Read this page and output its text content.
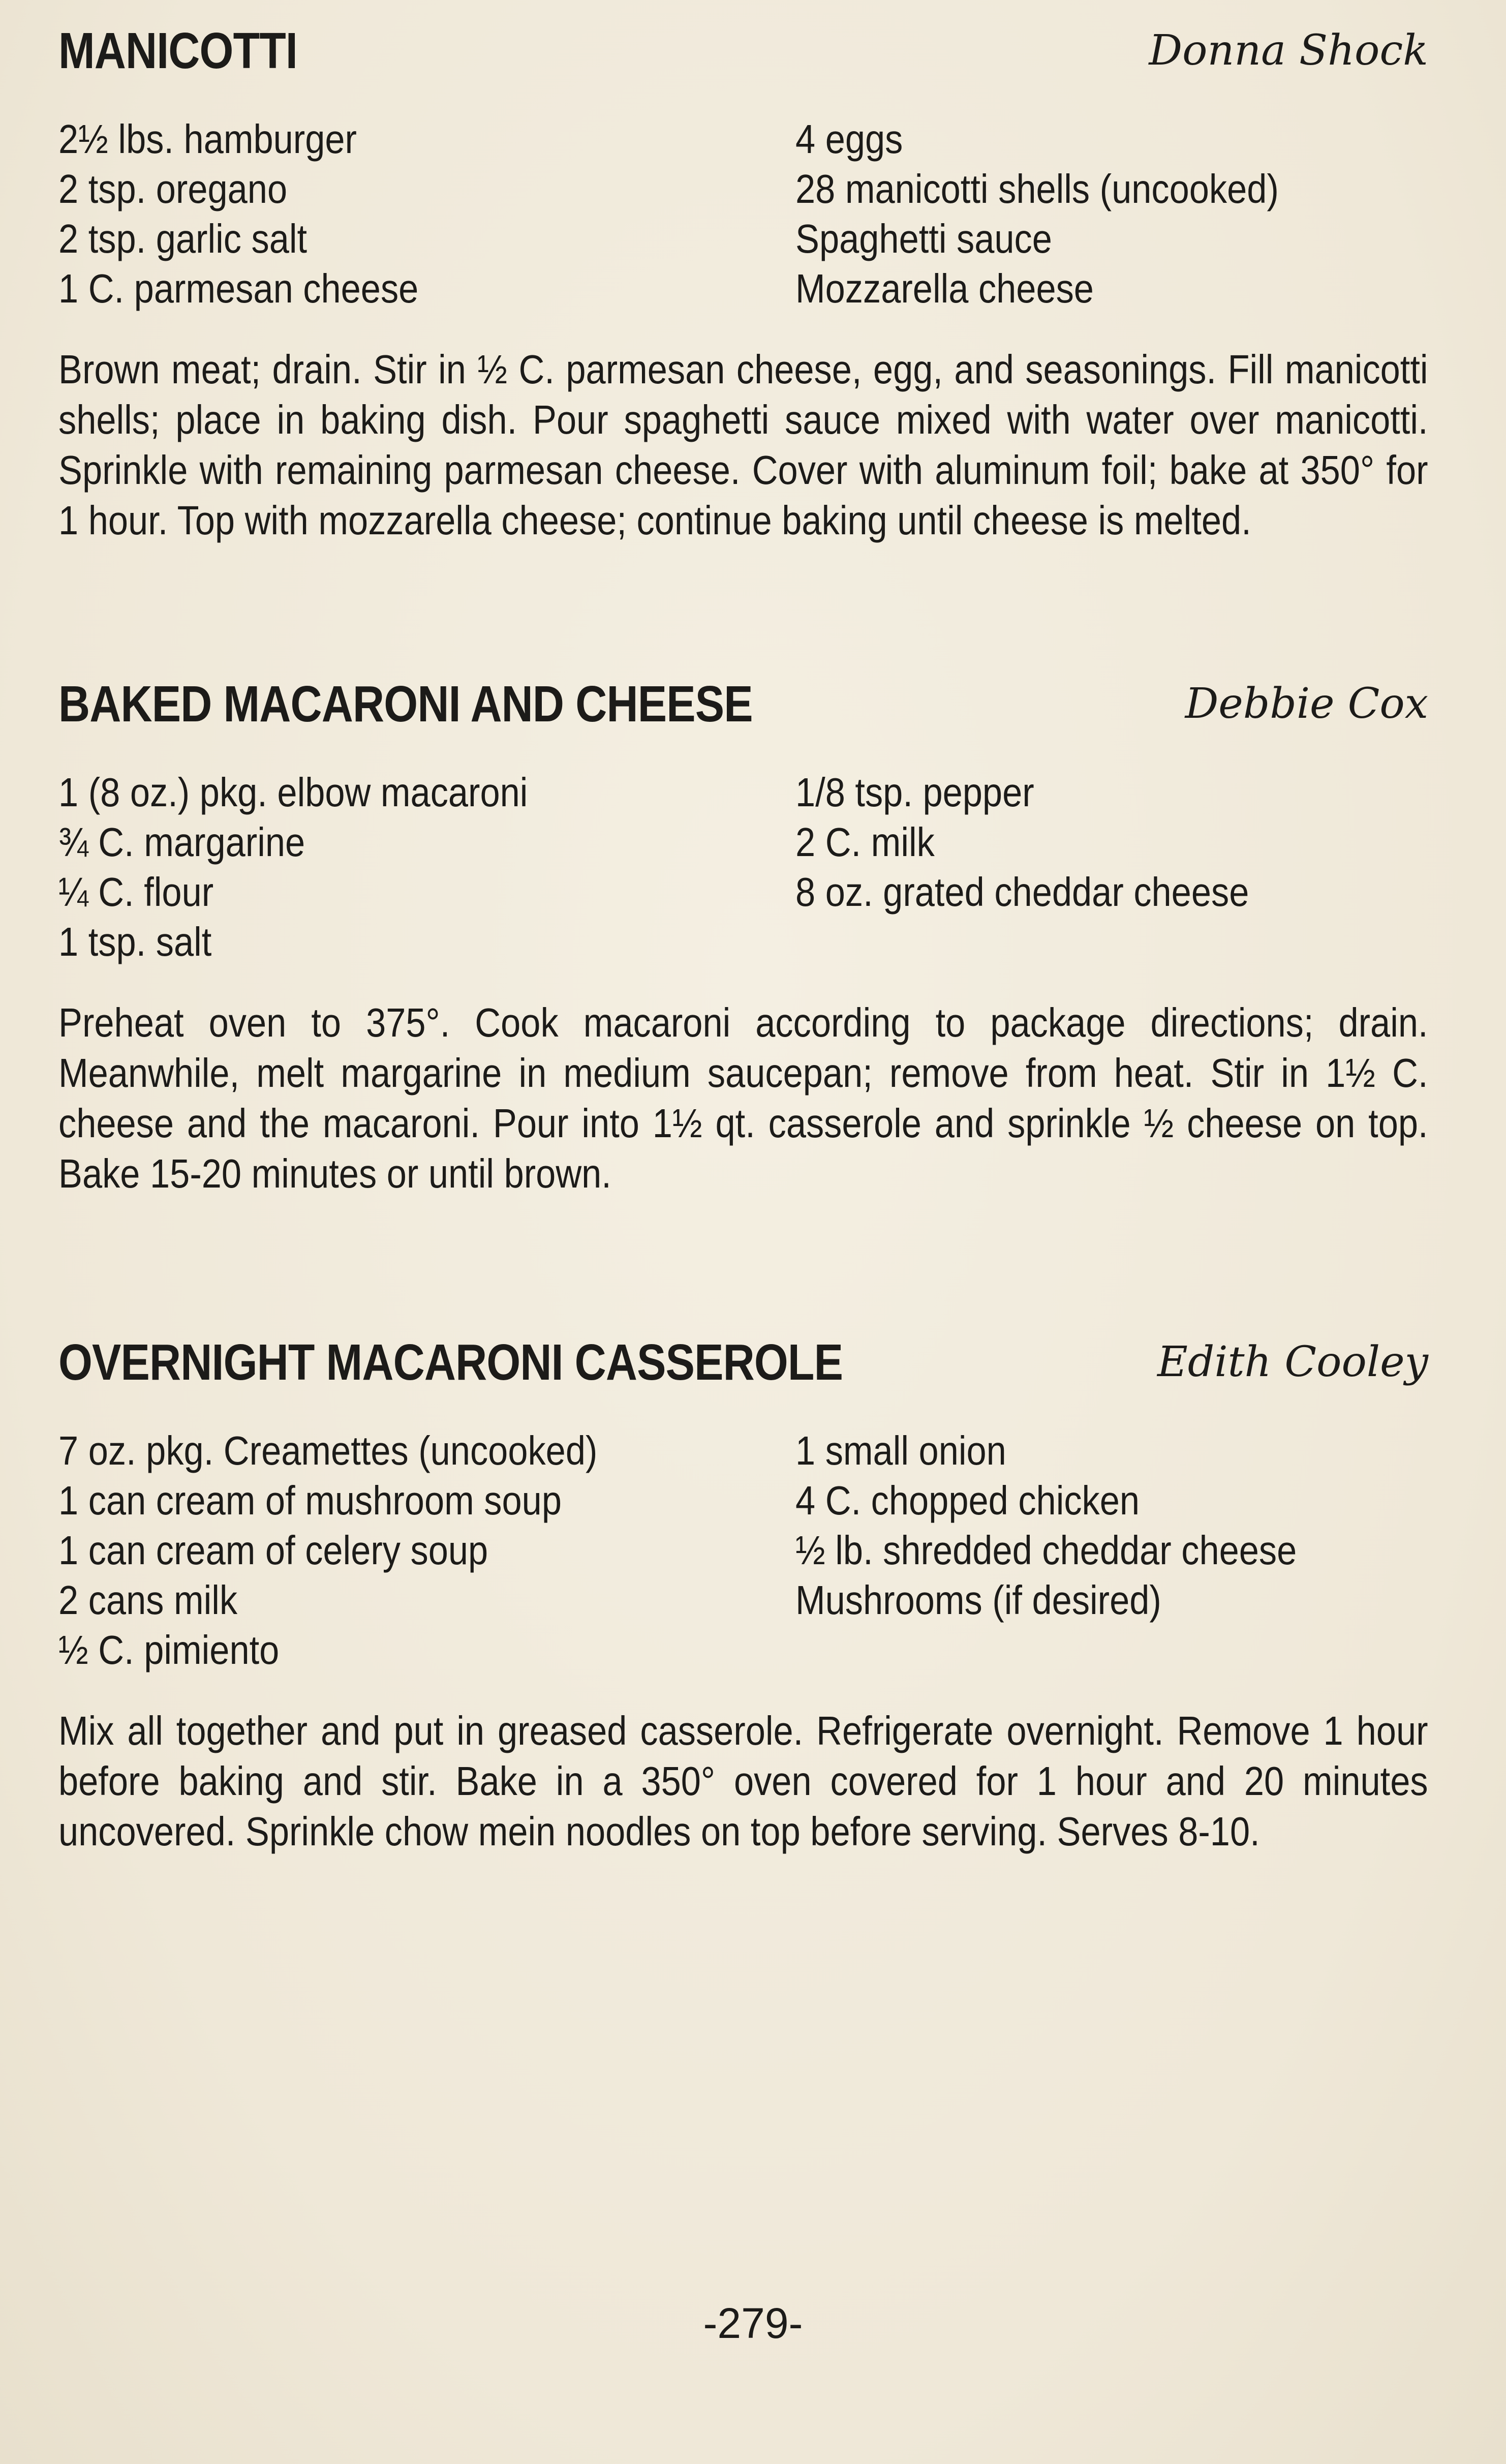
MANICOTTI	Donna Shock
2½ lbs. hamburger
2 tsp. oregano
2 tsp. garlic salt
1 C. parmesan cheese
4 eggs
28 manicotti shells (uncooked)
Spaghetti sauce
Mozzarella cheese

Brown meat; drain. Stir in ½ C. parmesan cheese, egg, and seasonings. Fill manicotti shells; place in baking dish. Pour spaghetti sauce mixed with water over manicotti. Sprinkle with remaining parmesan cheese. Cover with aluminum foil; bake at 350° for 1 hour. Top with mozzarella cheese; continue baking until cheese is melted.

BAKED MACARONI AND CHEESE	Debbie Cox
1 (8 oz.) pkg. elbow macaroni
¾ C. margarine
¼ C. flour
1 tsp. salt
1/8 tsp. pepper
2 C. milk
8 oz. grated cheddar cheese

Preheat oven to 375°. Cook macaroni according to package directions; drain. Meanwhile, melt margarine in medium saucepan; remove from heat. Stir in 1½ C. cheese and the macaroni. Pour into 1½ qt. casserole and sprinkle ½ cheese on top. Bake 15-20 minutes or until brown.

OVERNIGHT MACARONI CASSEROLE	Edith Cooley
7 oz. pkg. Creamettes (uncooked)
1 can cream of mushroom soup
1 can cream of celery soup
2 cans milk
½ C. pimiento
1 small onion
4 C. chopped chicken
½ lb. shredded cheddar cheese
Mushrooms (if desired)

Mix all together and put in greased casserole. Refrigerate overnight. Remove 1 hour before baking and stir. Bake in a 350° oven covered for 1 hour and 20 minutes uncovered. Sprinkle chow mein noodles on top before serving. Serves 8-10.

-279-
